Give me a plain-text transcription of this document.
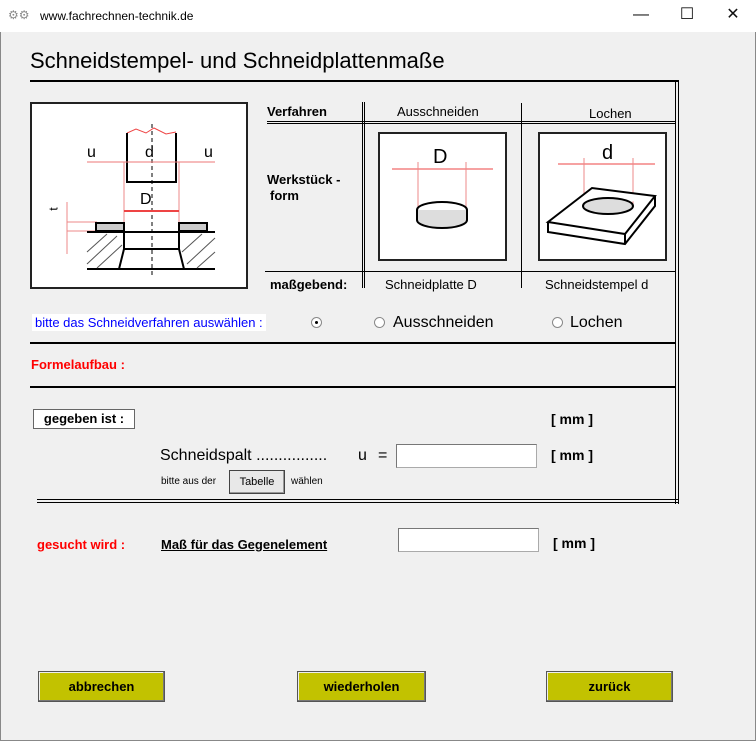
⚙⚙ www.fachrechnen-technik.de	—	☐	✕
Schneidstempel- und Schneidplattenmaße
u	d	u
D
t
Verfahren	Ausschneiden	Lochen
Werkstück -
form
maßgebend:	Schneidplatte D	Schneidstempel d
D	d
bitte das Schneidverfahren auswählen :	Ausschneiden	Lochen
Formelaufbau :
gegeben ist :	[ mm ]
Schneidspalt ................ u =	[ mm ]
bitte aus der	Tabelle	wählen
gesucht wird :	Maß für das Gegenelement	[ mm ]
abbrechen	wiederholen	zurück
